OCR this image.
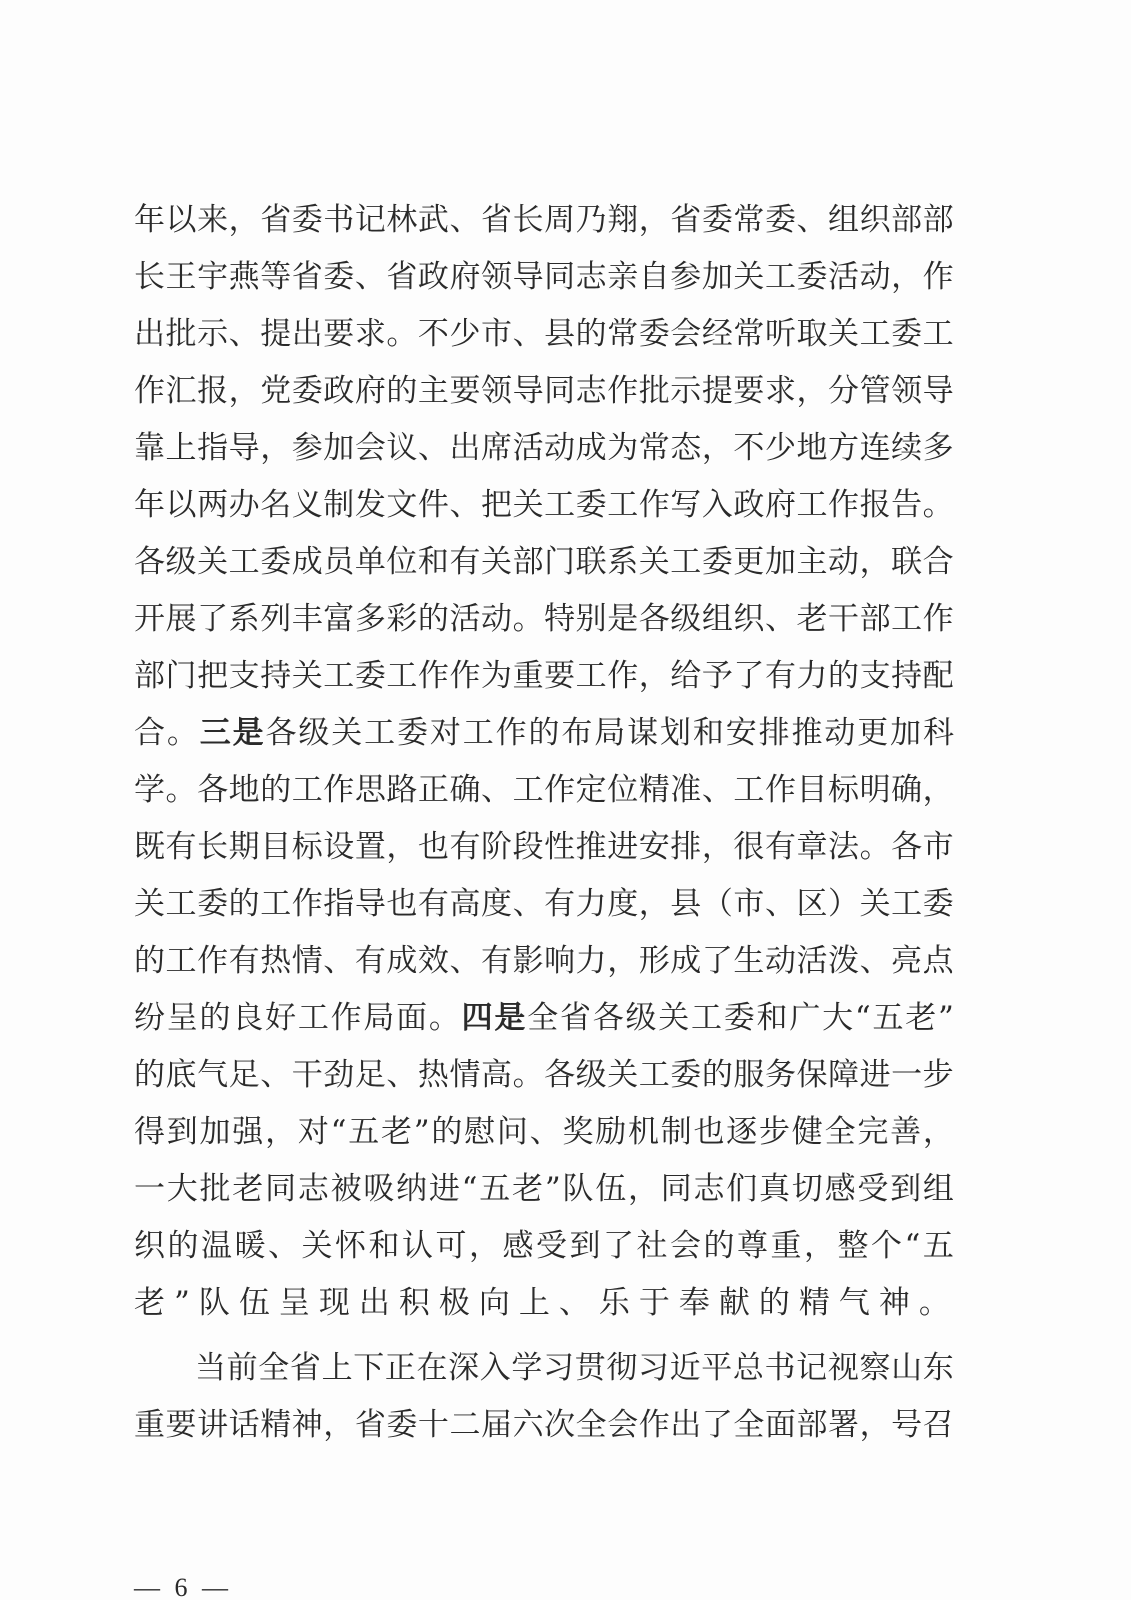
年 以 来 ， 省 委 书 记 林 武 、 省 长 周 乃 翔 ， 省 委 常 委 、 组 织 部 部
长 王 宇 燕 等 省 委 、 省 政 府 领 导 同 志 亲 自 参 加 关 工 委 活 动 ， 作
出 批 示 、 提 出 要 求 。 不 少 市 、 县 的 常 委 会 经 常 听 取 关 工 委 工
作 汇 报 ， 党 委 政 府 的 主 要 领 导 同 志 作 批 示 提 要 求 ， 分 管 领 导
靠 上 指 导 ， 参 加 会 议 、 出 席 活 动 成 为 常 态 ， 不 少 地 方 连 续 多
年 以 两 办 名 义 制 发 文 件 、 把 关 工 委 工 作 写 入 政 府 工 作 报 告 。
各 级 关 工 委 成 员 单 位 和 有 关 部 门 联 系 关 工 委 更 加 主 动 ， 联 合
开 展 了 系 列 丰 富 多 彩 的 活 动 。 特 别 是 各 级 组 织 、 老 干 部 工 作
部 门 把 支 持 关 工 委 工 作 作 为 重 要 工 作 ， 给 予 了 有 力 的 支 持 配
合 。 三 是 各 级 关 工 委 对 工 作 的 布 局 谋 划 和 安 排 推 动 更 加 科
学 。 各 地 的 工 作 思 路 正 确 、 工 作 定 位 精 准 、 工 作 目 标 明 确 ，
既 有 长 期 目 标 设 置 ， 也 有 阶 段 性 推 进 安 排 ， 很 有 章 法 。 各 市
关 工 委 的 工 作 指 导 也 有 高 度 、 有 力 度 ， 县 （ 市 、 区 ） 关 工 委
的 工 作 有 热 情 、 有 成 效 、 有 影 响 力 ， 形 成 了 生 动 活 泼 、 亮 点
纷 呈 的 良 好 工 作 局 面 。 四 是 全 省 各 级 关 工 委 和 广 大 “ 五 老 ”
的 底 气 足 、 干 劲 足 、 热 情 高 。 各 级 关 工 委 的 服 务 保 障 进 一 步
得 到 加 强 ， 对 “ 五 老 ” 的 慰 问 、 奖 励 机 制 也 逐 步 健 全 完 善 ，
一 大 批 老 同 志 被 吸 纳 进 “ 五 老 ” 队 伍 ， 同 志 们 真 切 感 受 到 组
织 的 温 暖 、 关 怀 和 认 可 ， 感 受 到 了 社 会 的 尊 重 ， 整 个 “ 五
老”队伍呈现出积极向上、乐于奉献的精气神。
当 前 全 省 上 下 正 在 深 入 学 习 贯 彻 习 近 平 总 书 记 视 察 山 东
重 要 讲 话 精 神 ， 省 委 十 二 届 六 次 全 会 作 出 了 全 面 部 署 ， 号 召
— 6 —
